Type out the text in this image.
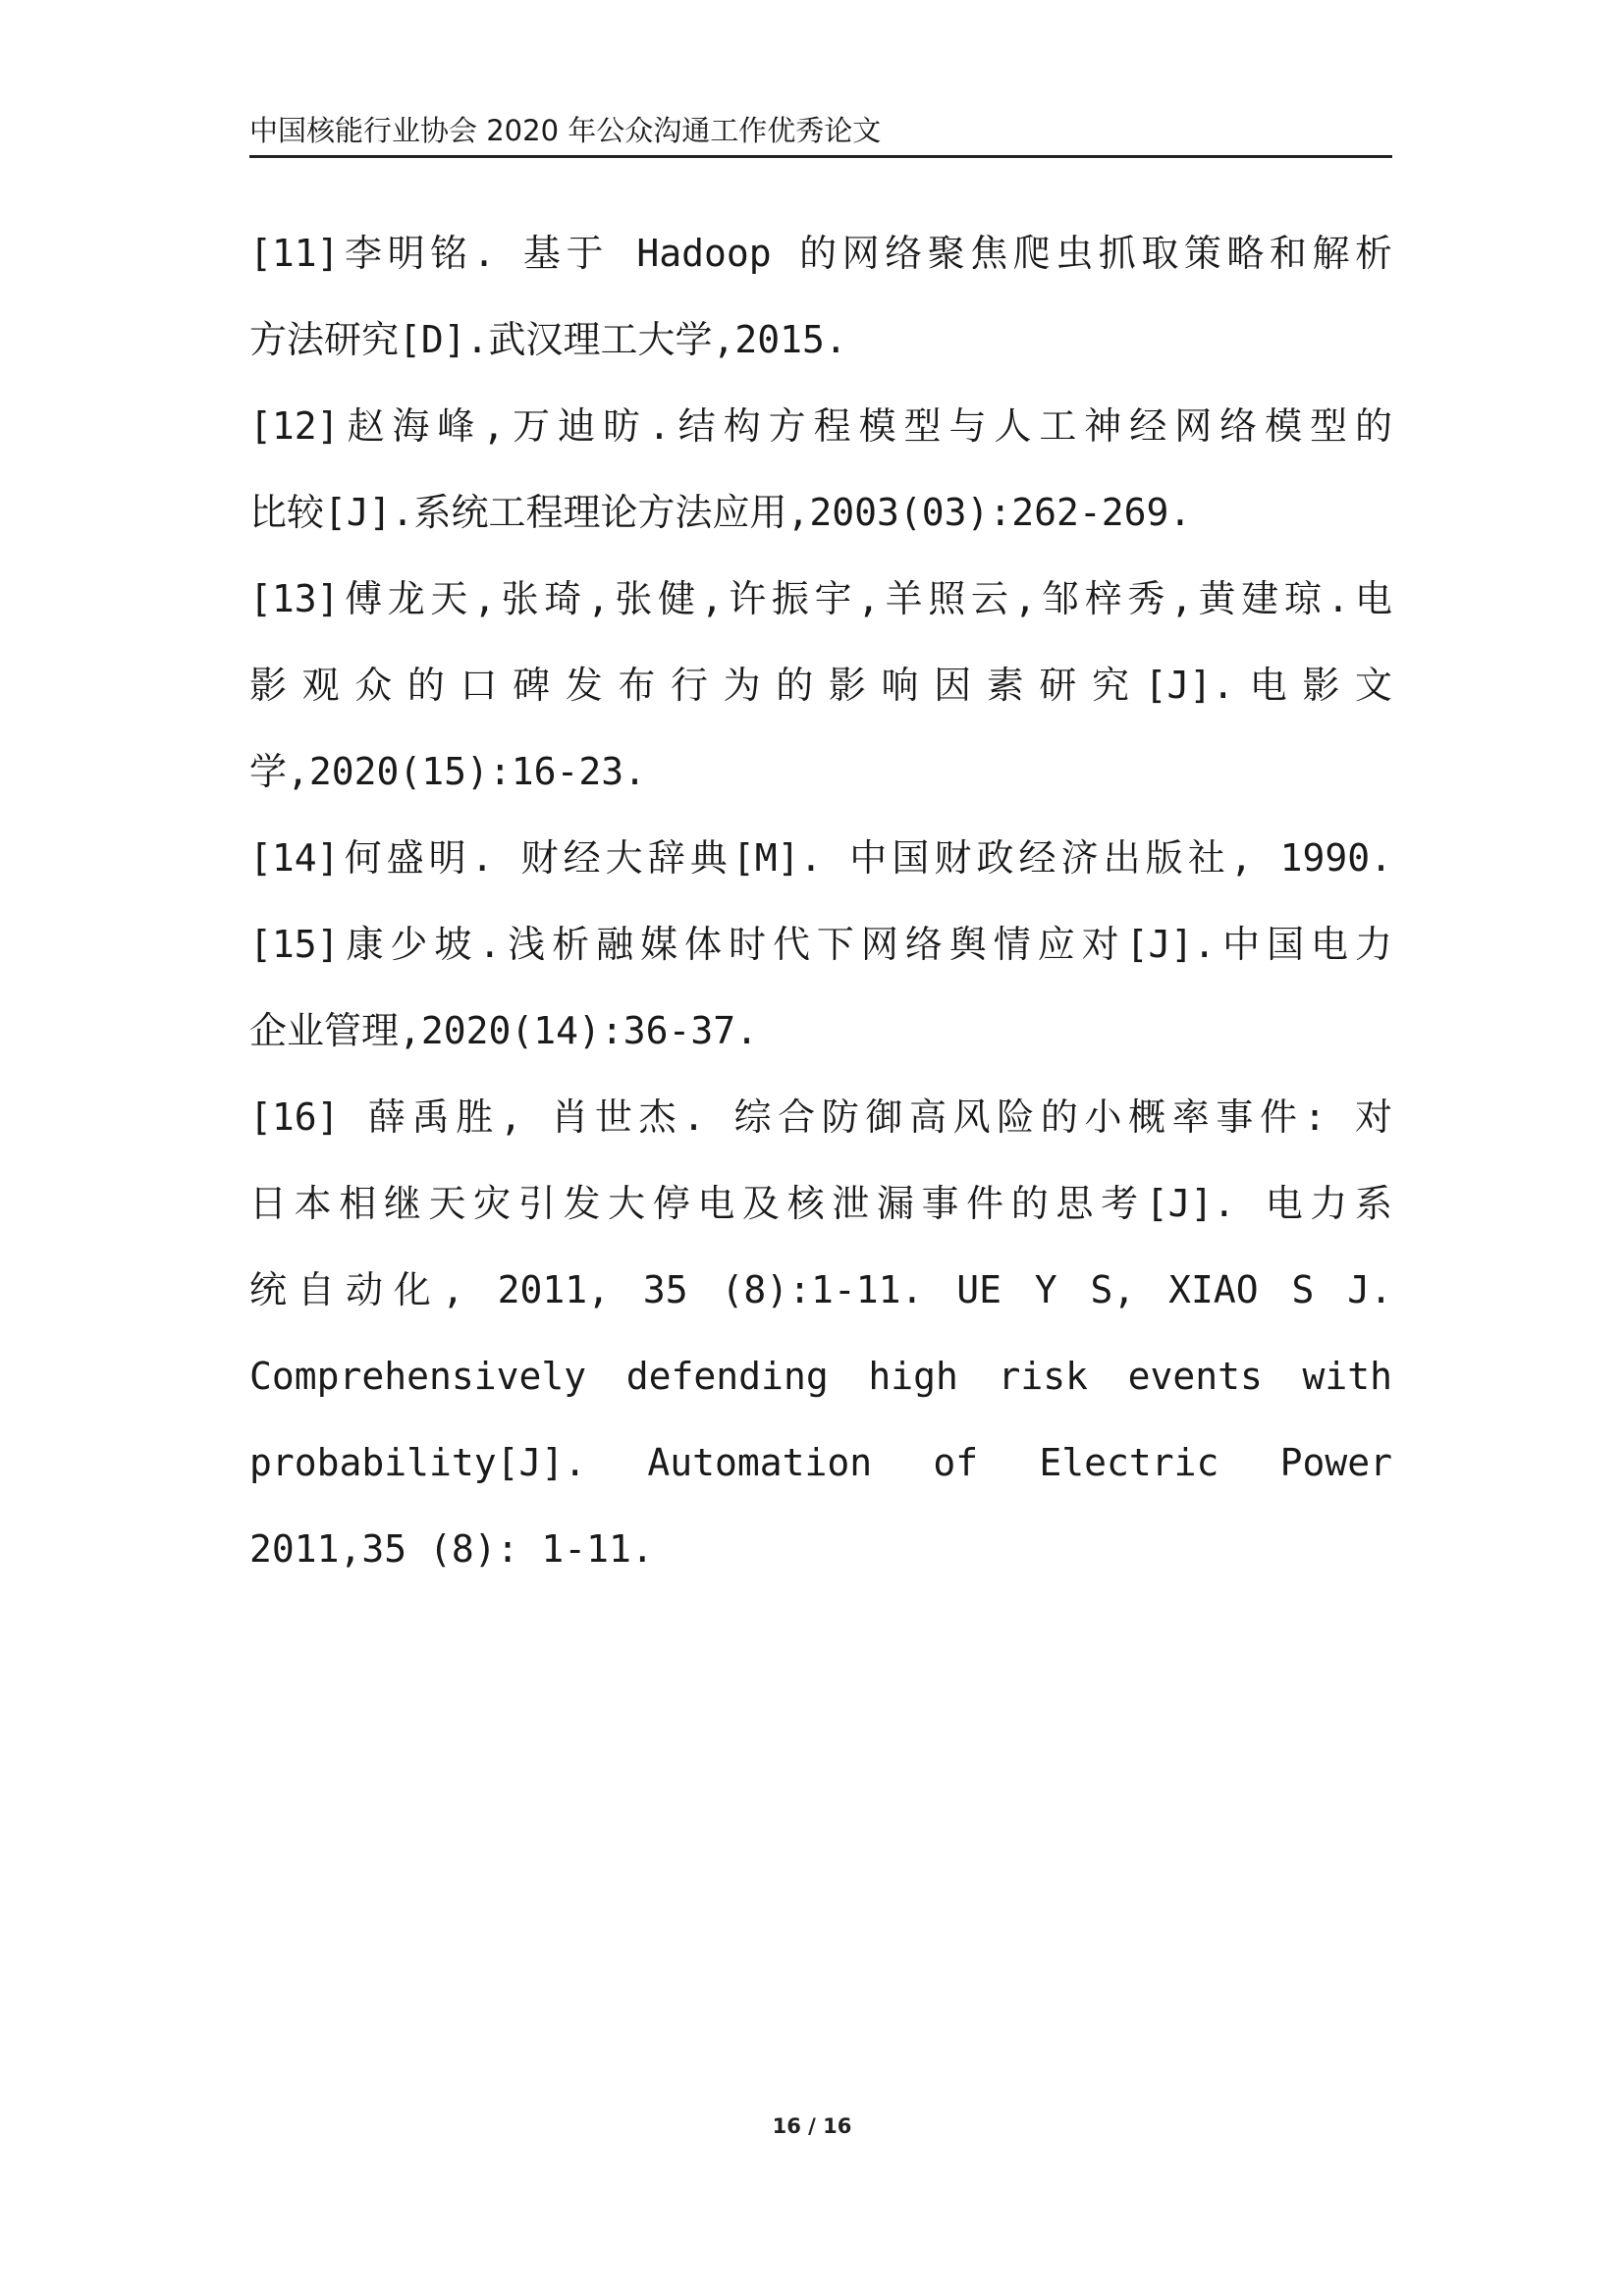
中国核能行业协会 2020 年公众沟通工作优秀论文
[11]李明铭. 基于 Hadoop 的网络聚焦爬虫抓取策略和解析
方法研究[D].武汉理工大学,2015.
[12]赵海峰,万迪昉.结构方程模型与人工神经网络模型的
比较[J].系统工程理论方法应用,2003(03):262-269.
[13]傅龙天,张琦,张健,许振宇,羊照云,邹梓秀,黄建琼.电
影观众的口碑发布行为的影响因素研究[J].电影文
学,2020(15):16-23.
[14]何盛明. 财经大辞典[M]. 中国财政经济出版社, 1990.
[15]康少坡.浅析融媒体时代下网络舆情应对[J].中国电力
企业管理,2020(14):36-37.
[16] 薛禹胜, 肖世杰. 综合防御高风险的小概率事件: 对
日本相继天灾引发大停电及核泄漏事件的思考[J]. 电力系
统自动化, 2011, 35 (8):1-11. UE Y S, XIAO S J.
Comprehensively defending high risk events with
probability[J]. Automation of Electric Power
2011,35 (8): 1-11.
16 / 16
